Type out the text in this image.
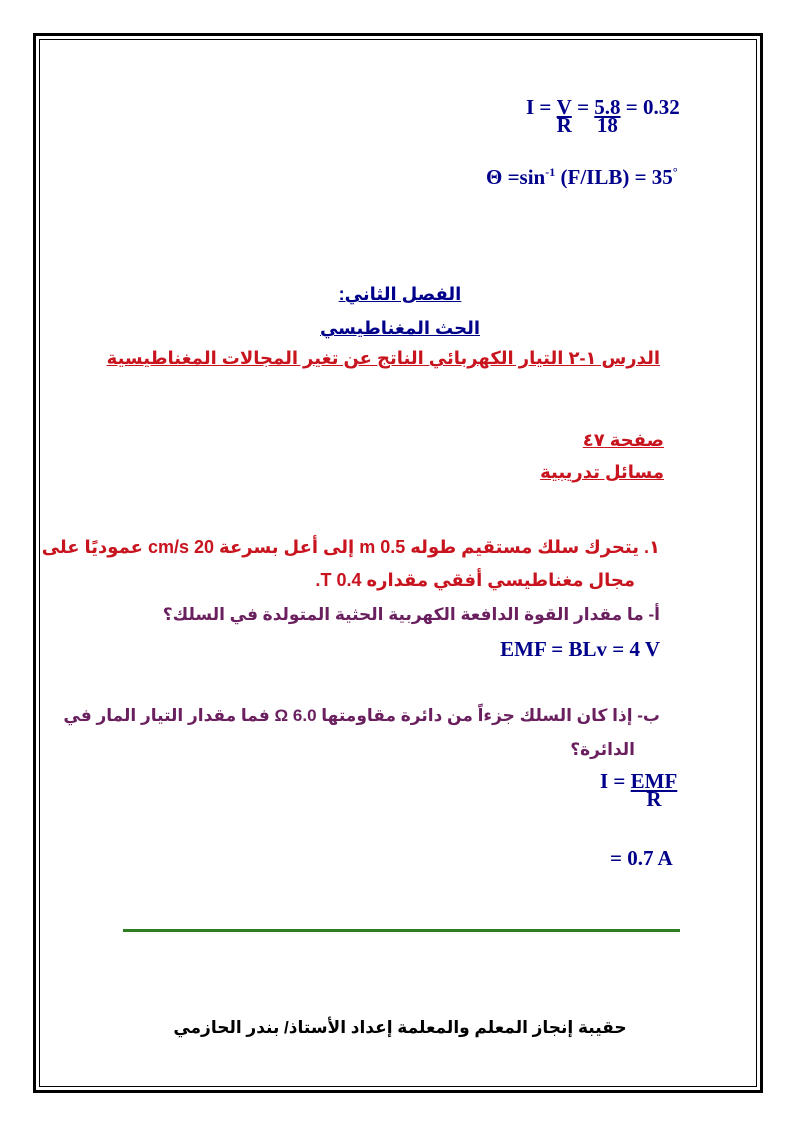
$I = \frac{V}{R} = \frac{5.8}{18} = 0.32$
$\Theta =\sin^{-1}$ (F/ILB) = 35°
الفصل الثاني:
الحث المغناطيسي
الدرس ١-٢ التيار الكهربائي الناتج عن تغير المجالات المغناطيسية
صفحة ٤٧
مسائل تدريبية
١. يتحرك سلك مستقيم طوله 0.5 m إلى أعل بسرعة 20 cm/s عموديًا على
مجال مغناطيسي أفقي مقداره 0.4 T.
أ- ما مقدار القوة الدافعة الكهربية الحثية المتولدة في السلك؟
EMF = BLv = 4 V
ب- إذا كان السلك جزءاً من دائرة مقاومتها 6.0 Ω فما مقدار التيار المار في
الدائرة؟
$I = \frac{\text{EMF}}{R}$
= 0.7 A
حقيبة إنجاز المعلم والمعلمة إعداد الأستاذ/ بندر الحازمي
